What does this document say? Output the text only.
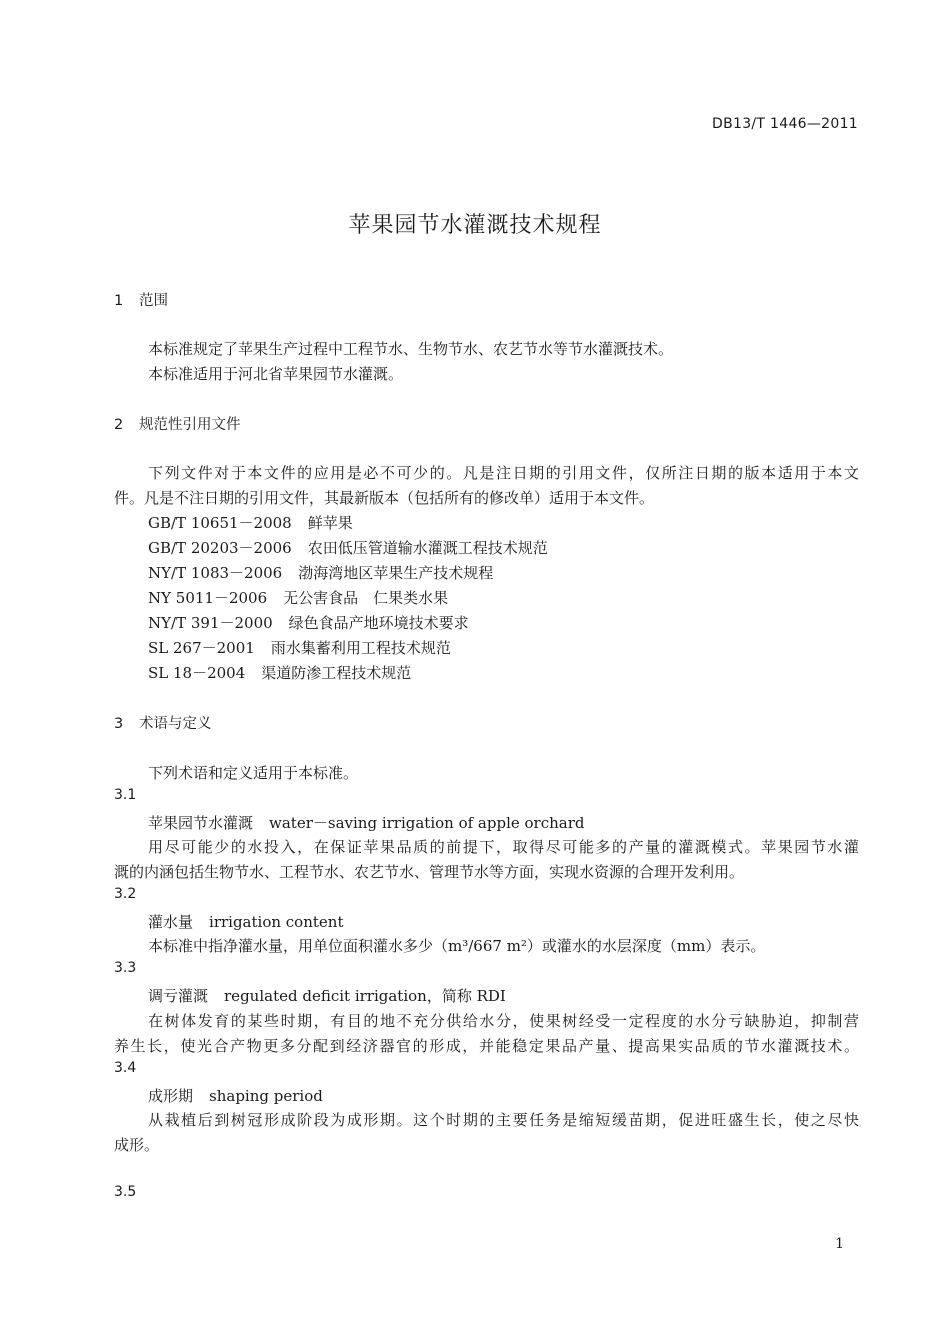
DB13/T 1446—2011
苹果园节水灌溉技术规程
1 范围
本标准规定了苹果生产过程中工程节水、生物节水、农艺节水等节水灌溉技术。
本标准适用于河北省苹果园节水灌溉。
2 规范性引用文件
下列文件对于本文件的应用是必不可少的。凡是注日期的引用文件，仅所注日期的版本适用于本文
件。凡是不注日期的引用文件，其最新版本（包括所有的修改单）适用于本文件。
GB/T 10651－2008 鲜苹果
GB/T 20203－2006 农田低压管道输水灌溉工程技术规范
NY/T 1083－2006 渤海湾地区苹果生产技术规程
NY 5011－2006 无公害食品　仁果类水果
NY/T 391－2000 绿色食品产地环境技术要求
SL 267－2001 雨水集蓄利用工程技术规范
SL 18－2004 渠道防渗工程技术规范
3 术语与定义
下列术语和定义适用于本标准。
3.1
苹果园节水灌溉 water－saving irrigation of apple orchard
用尽可能少的水投入，在保证苹果品质的前提下，取得尽可能多的产量的灌溉模式。苹果园节水灌
溉的内涵包括生物节水、工程节水、农艺节水、管理节水等方面，实现水资源的合理开发利用。
3.2
灌水量 irrigation content
本标准中指净灌水量，用单位面积灌水多少（m³/667 m²）或灌水的水层深度（mm）表示。
3.3
调亏灌溉 regulated deficit irrigation，简称 RDI
在树体发育的某些时期，有目的地不充分供给水分，使果树经受一定程度的水分亏缺胁迫，抑制营
养生长，使光合产物更多分配到经济器官的形成，并能稳定果品产量、提高果实品质的节水灌溉技术。
3.4
成形期 shaping period
从栽植后到树冠形成阶段为成形期。这个时期的主要任务是缩短缓苗期，促进旺盛生长，使之尽快
成形。
3.5
1
